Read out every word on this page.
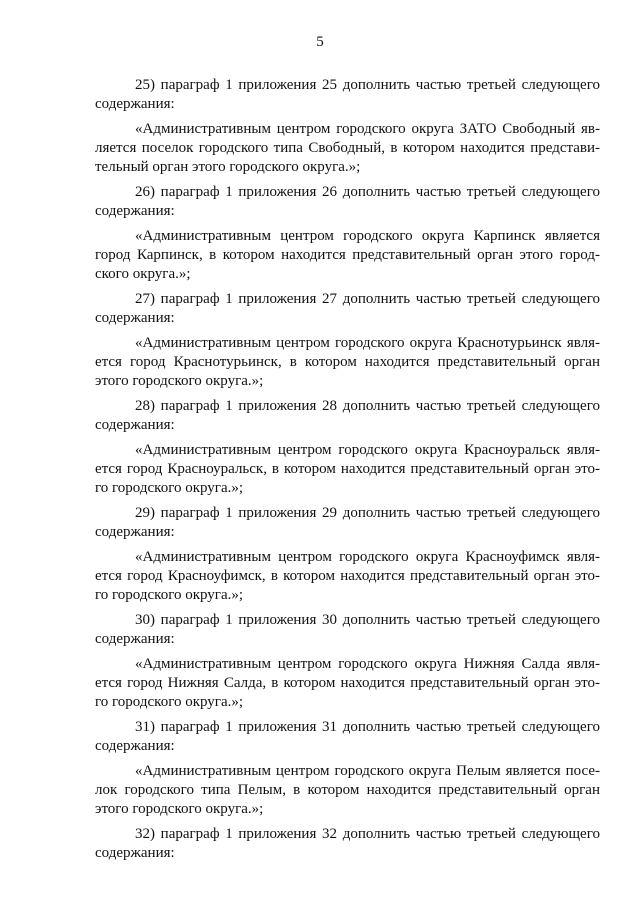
5
25) параграф 1 приложения 25 дополнить частью третьей следующего
содержания:
«Административным центром городского округа ЗАТО Свободный яв-
ляется поселок городского типа Свободный, в котором находится представи-
тельный орган этого городского округа.»;
26) параграф 1 приложения 26 дополнить частью третьей следующего
содержания:
«Административным центром городского округа Карпинск является
город Карпинск, в котором находится представительный орган этого город-
ского округа.»;
27) параграф 1 приложения 27 дополнить частью третьей следующего
содержания:
«Административным центром городского округа Краснотурьинск явля-
ется город Краснотурьинск, в котором находится представительный орган
этого городского округа.»;
28) параграф 1 приложения 28 дополнить частью третьей следующего
содержания:
«Административным центром городского округа Красноуральск явля-
ется город Красноуральск, в котором находится представительный орган это-
го городского округа.»;
29) параграф 1 приложения 29 дополнить частью третьей следующего
содержания:
«Административным центром городского округа Красноуфимск явля-
ется город Красноуфимск, в котором находится представительный орган это-
го городского округа.»;
30) параграф 1 приложения 30 дополнить частью третьей следующего
содержания:
«Административным центром городского округа Нижняя Салда явля-
ется город Нижняя Салда, в котором находится представительный орган это-
го городского округа.»;
31) параграф 1 приложения 31 дополнить частью третьей следующего
содержания:
«Административным центром городского округа Пелым является посе-
лок городского типа Пелым, в котором находится представительный орган
этого городского округа.»;
32) параграф 1 приложения 32 дополнить частью третьей следующего
содержания:
